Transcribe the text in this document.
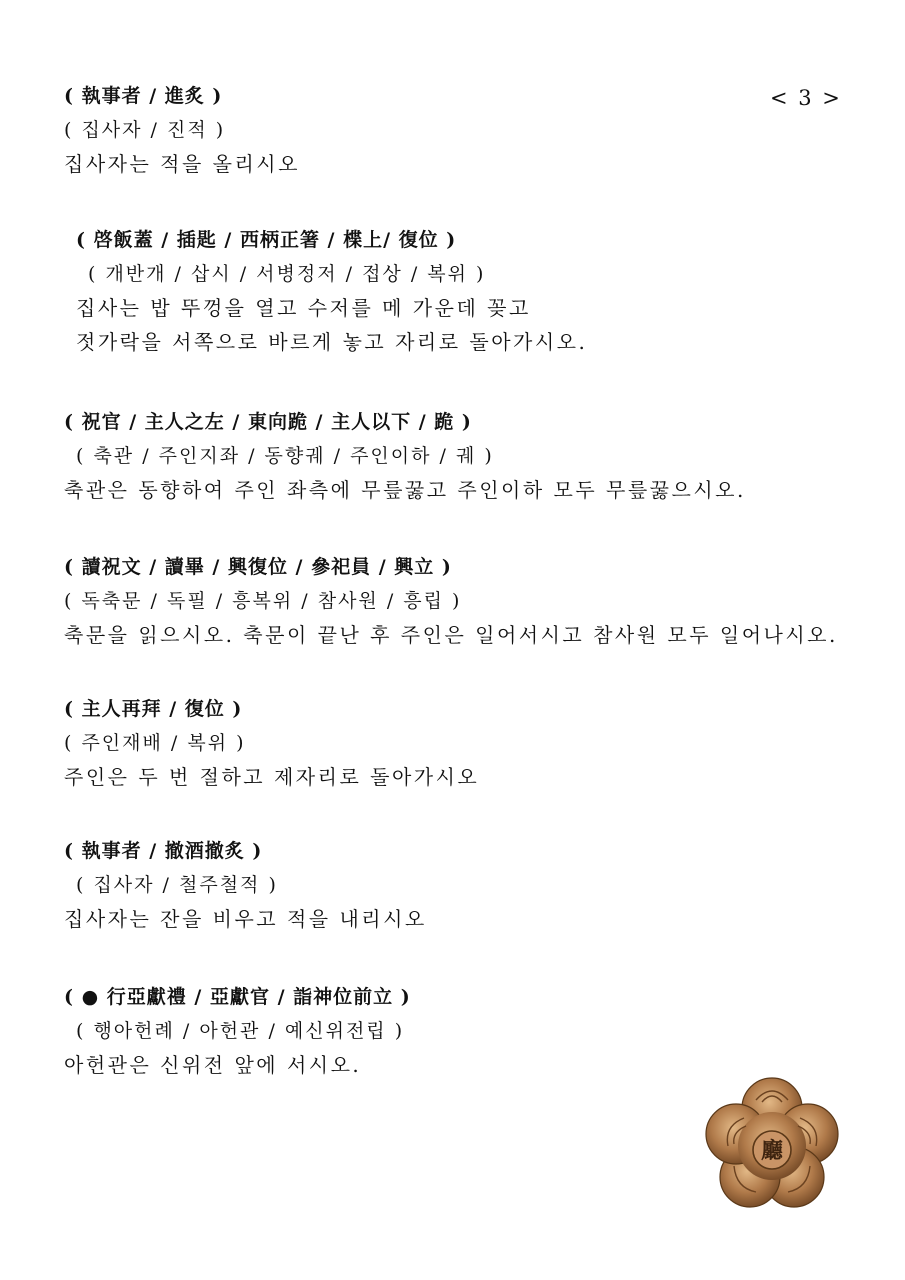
< 3 >
( 執事者 / 進炙 )
( 집사자 / 진적 )
집사자는 적을 올리시오
( 啓飯蓋 / 插匙 / 西柄正箸 / 楪上/ 復位 )
( 개반개 / 삽시 / 서병정저 / 접상 / 복위 )
집사는 밥 뚜껑을 열고 수저를 메 가운데 꽂고
젓가락을 서쪽으로 바르게 놓고 자리로 돌아가시오.
( 祝官 / 主人之左 / 東向跪 / 主人以下 / 跪 )
( 축관 / 주인지좌 / 동향궤 / 주인이하 / 궤 )
축관은 동향하여 주인 좌측에 무릎꿇고 주인이하 모두 무릎꿇으시오.
( 讀祝文 / 讀畢 / 興復位 / 參祀員 / 興立 )
( 독축문 / 독필 / 흥복위 / 참사원 / 흥립 )
축문을 읽으시오. 축문이 끝난 후 주인은 일어서시고 참사원 모두 일어나시오.
( 主人再拜 / 復位 )
( 주인재배 / 복위 )
주인은 두 번 절하고 제자리로 돌아가시오
( 執事者 / 撤酒撤炙 )
( 집사자 / 철주철적 )
집사자는 잔을 비우고 적을 내리시오
( ● 行亞獻禮 / 亞獻官 / 詣神位前立 )
( 행아헌례 / 아헌관 / 예신위전립 )
아헌관은 신위전 앞에 서시오.
廳
